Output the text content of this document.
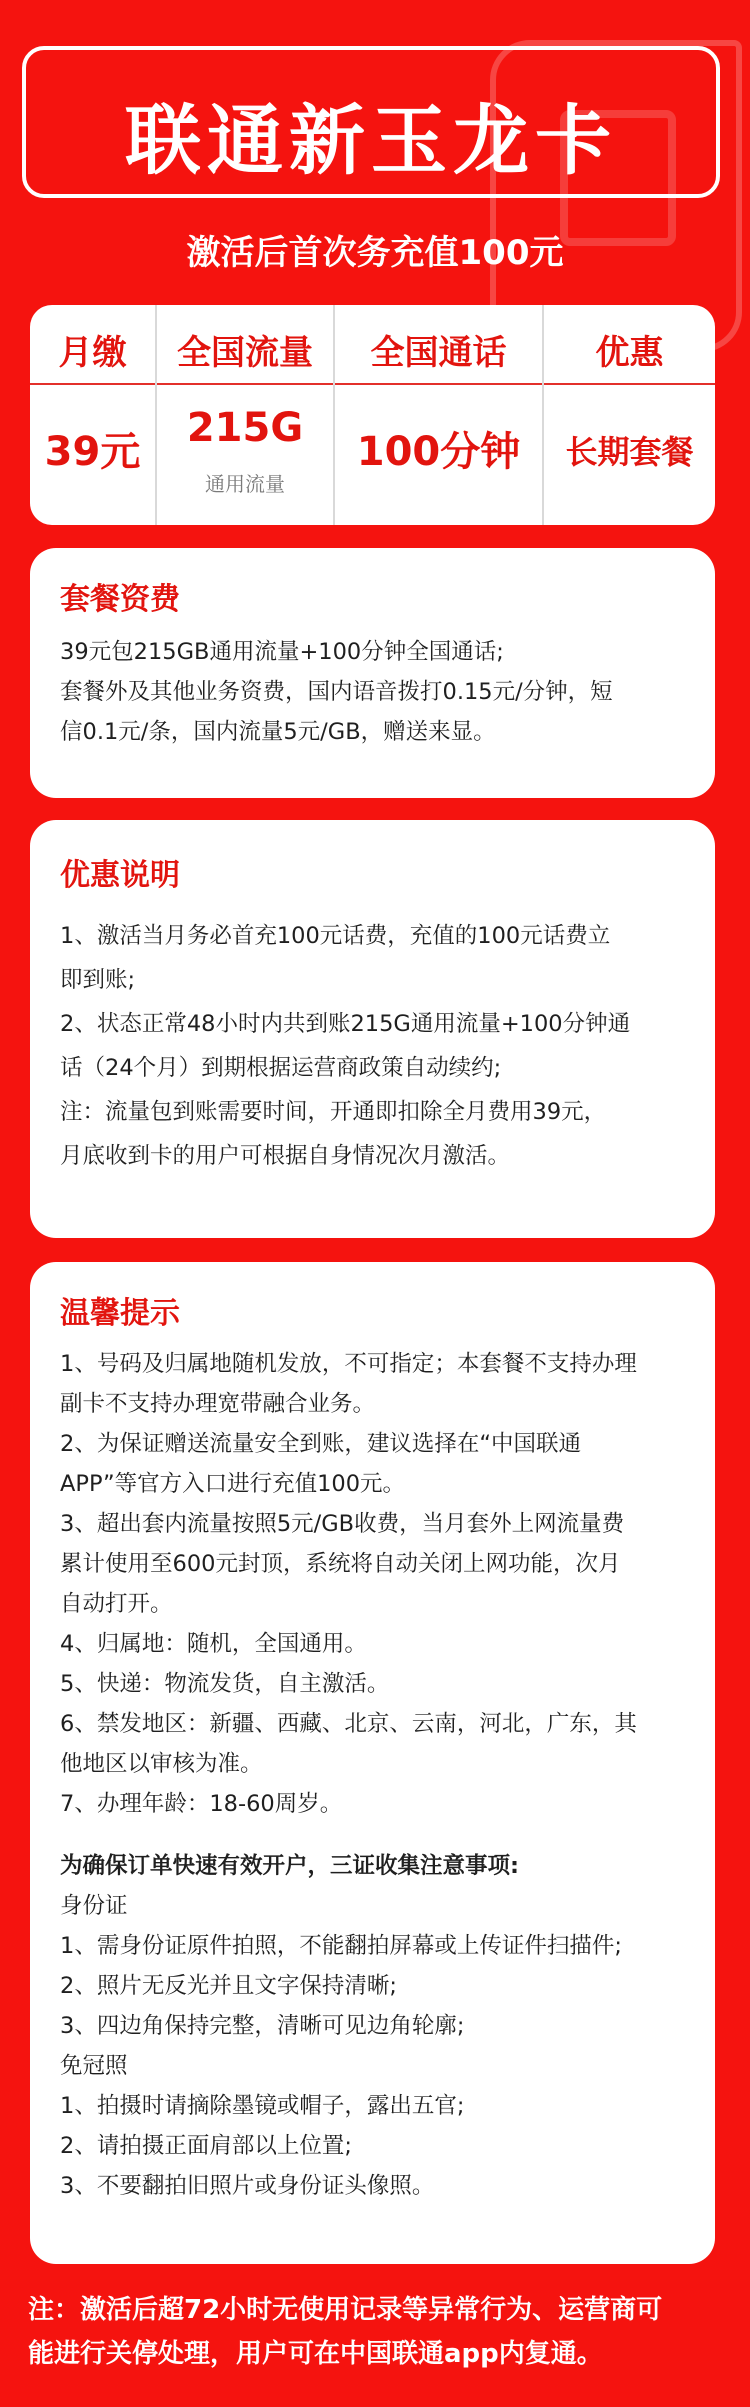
联通新玉龙卡
激活后首次务充值100元
月缴
39元
全国流量
215G
通用流量
全国通话
100分钟
优惠
长期套餐
套餐资费
39元包215GB通用流量+100分钟全国通话;
套餐外及其他业务资费，国内语音拨打0.15元/分钟，短
信0.1元/条，国内流量5元/GB，赠送来显。
优惠说明
1、激活当月务必首充100元话费，充值的100元话费立
即到账;
2、状态正常48小时内共到账215G通用流量+100分钟通
话（24个月）到期根据运营商政策自动续约;
注：流量包到账需要时间，开通即扣除全月费用39元，
月底收到卡的用户可根据自身情况次月激活。
温馨提示
1、号码及归属地随机发放，不可指定；本套餐不支持办理
副卡不支持办理宽带融合业务。
2、为保证赠送流量安全到账，建议选择在“中国联通
APP”等官方入口进行充值100元。
3、超出套内流量按照5元/GB收费，当月套外上网流量费
累计使用至600元封顶，系统将自动关闭上网功能，次月
自动打开。
4、归属地：随机，全国通用。
5、快递：物流发货，自主激活。
6、禁发地区：新疆、西藏、北京、云南，河北，广东，其
他地区以审核为准。
7、办理年龄：18-60周岁。
为确保订单快速有效开户，三证收集注意事项:
身份证
1、需身份证原件拍照，不能翻拍屏幕或上传证件扫描件;
2、照片无反光并且文字保持清晰;
3、四边角保持完整，清晰可见边角轮廓;
免冠照
1、拍摄时请摘除墨镜或帽子，露出五官;
2、请拍摄正面肩部以上位置;
3、不要翻拍旧照片或身份证头像照。
注：激活后超72小时无使用记录等异常行为、运营商可
能进行关停处理，用户可在中国联通app内复通。
